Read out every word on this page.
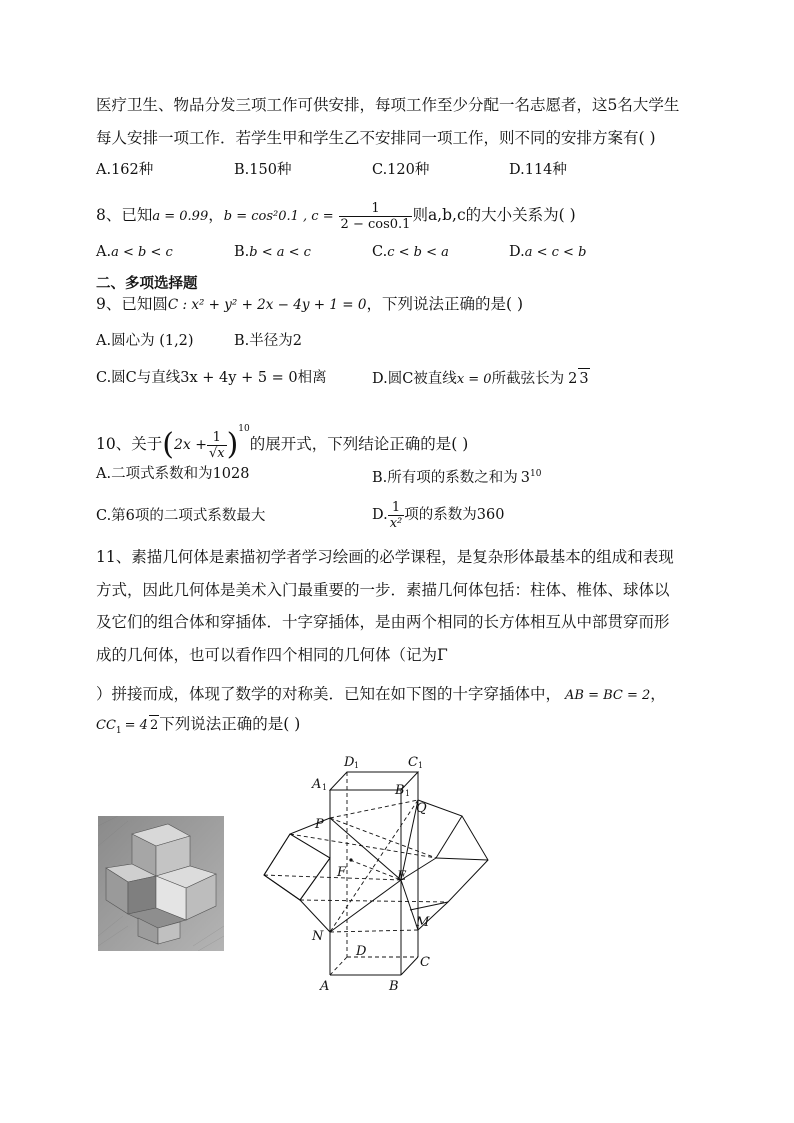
医疗卫生、物品分发三项工作可供安排，每项工作至少分配一名志愿者，这5名大学生
每人安排一项工作．若学生甲和学生乙不安排同一项工作，则不同的安排方案有( )
A.162种	B.150种	C.120种	D.114种
8、已知a = 0.99，b = cos²0.1 , $c = \frac{1}{2 - \cos 0.1}$ 则a,b,c的大小关系为( )
A.a < b < c	B.b < a < c	C.c < b < a	D.a < c < b
二、多项选择题
9、已知圆C : x² + y² + 2x − 4y + 1 = 0，下列说法正确的是( )
A.圆心为 (1,2)	B.半径为2
C.圆C与直线3x + 4y + 5 = 0相离	D.圆C被直线x = 0所截弦长为 2 3
10、关于$(2x + \frac{1}{√x} )^{10}$的展开式，下列结论正确的是( )
A.二项式系数和为1028	B.所有项的系数之和为 $3^{10}$
C.第6项的二项式系数最大	D. $\frac{1}{\text{x²}}$ 项的系数为360
11、素描几何体是素描初学者学习绘画的必学课程，是复杂形体最基本的组成和表现
方式，因此几何体是美术入门最重要的一步．素描几何体包括：柱体、椎体、球体以
及它们的组合体和穿插体．十字穿插体，是由两个相同的长方体相互从中部贯穿而形
成的几何体，也可以看作四个相同的几何体（记为Γ
）拼接而成，体现了数学的对称美．已知在如下图的十字穿插体中， AB = BC = 2，
$CC_1 = 4$ 2下列说法正确的是( )
D 1	C 1
A 1	B 1
Q
P
F	E
M
N
D
C
A	B
